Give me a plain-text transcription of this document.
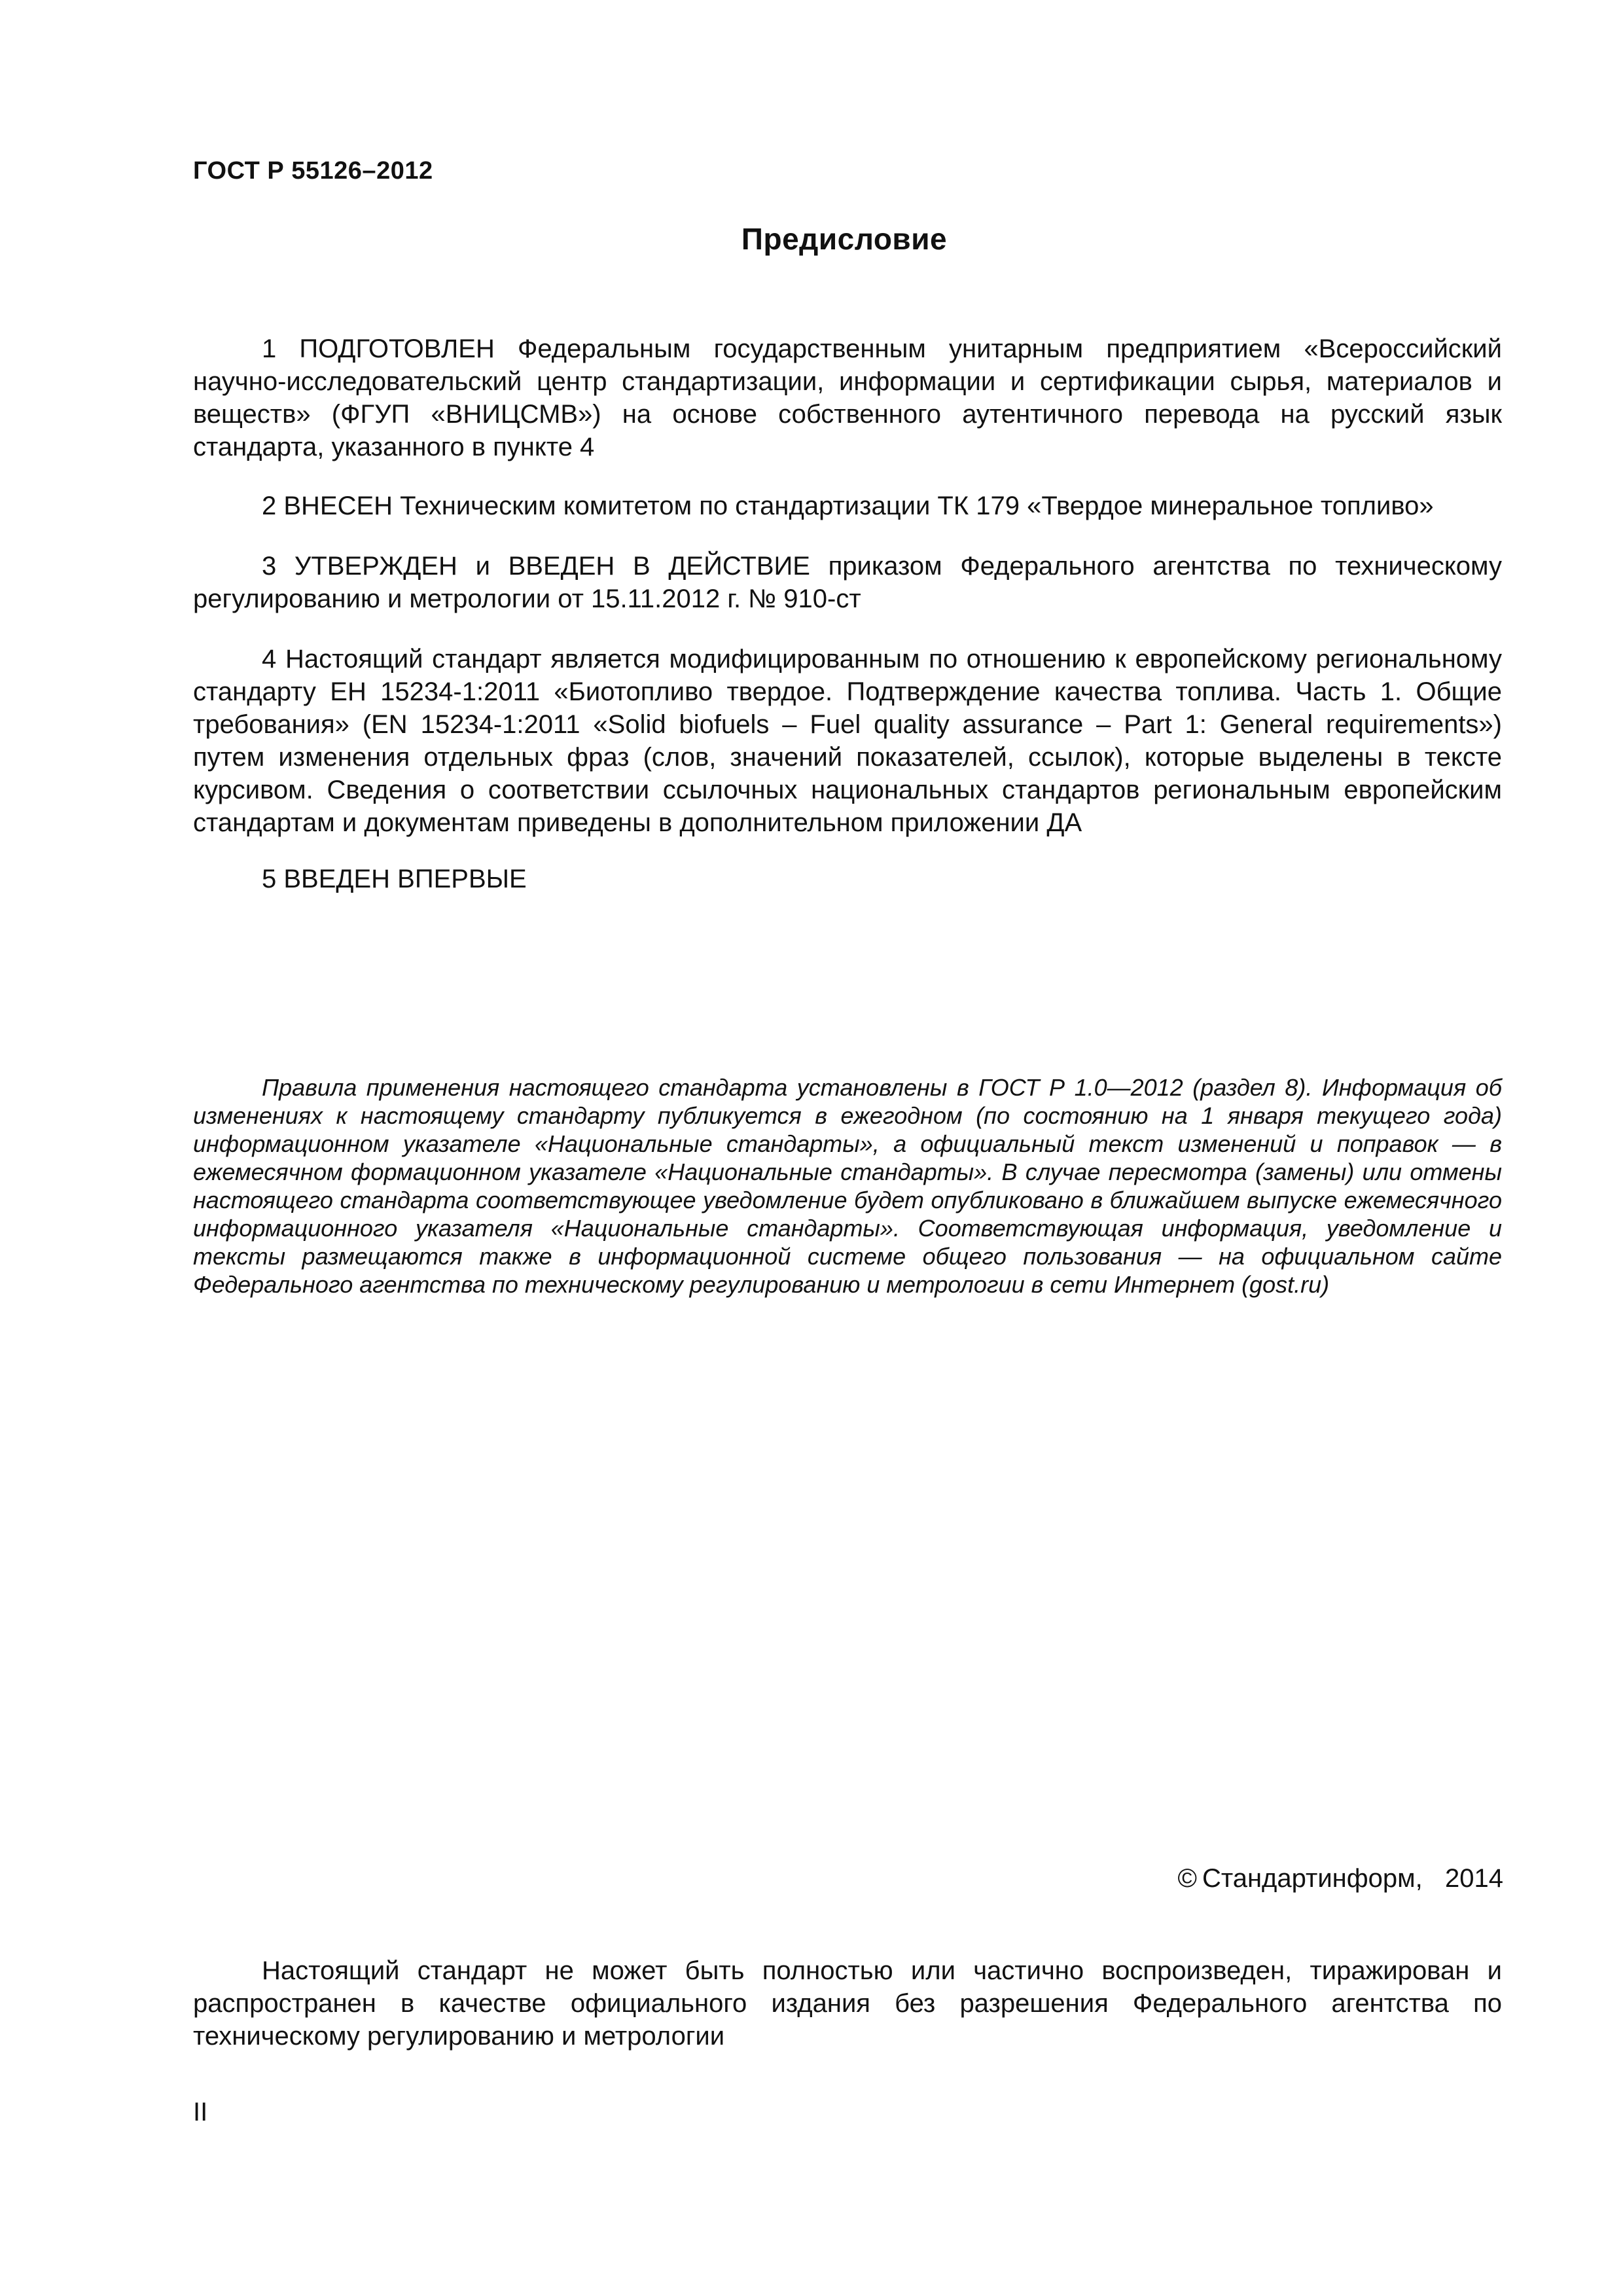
ГОСТ Р 55126–2012
Предисловие
1 ПОДГОТОВЛЕН Федеральным государственным унитарным предприятием «Всероссийский научно-исследовательский центр стандартизации, информации и сертификации сырья, материалов и веществ» (ФГУП «ВНИЦСМВ») на основе собственного аутентичного перевода на русский язык стандарта, указанного в пункте 4
2 ВНЕСЕН Техническим комитетом по стандартизации ТК 179 «Твердое минеральное топливо»
3 УТВЕРЖДЕН и ВВЕДЕН В ДЕЙСТВИЕ приказом Федерального агентства по техническому регулированию и метрологии от 15.11.2012 г. № 910-ст
4 Настоящий стандарт является модифицированным по отношению к европейскому региональному стандарту ЕН 15234-1:2011 «Биотопливо твердое. Подтверждение качества топлива. Часть 1. Общие требования» (EN 15234-1:2011 «Solid biofuels – Fuel quality assurance – Part 1: General requirements») путем изменения отдельных фраз (слов, значений показателей, ссылок), которые выделены в тексте курсивом. Сведения о соответствии ссылочных национальных стандартов региональным европейским стандартам и документам приведены в дополнительном приложении ДА
5 ВВЕДЕН ВПЕРВЫЕ
Правила применения настоящего стандарта установлены в ГОСТ Р 1.0—2012 (раздел 8). Информация об изменениях к настоящему стандарту публикуется в ежегодном (по состоянию на 1 января текущего года) информационном указателе «Национальные стандарты», а официальный текст изменений и поправок — в ежемесячном формационном указателе «Национальные стандарты». В случае пересмотра (замены) или отмены настоящего стандарта соответствующее уведомление будет опубликовано в ближайшем выпуске ежемесячного информационного указателя «Национальные стандарты». Соответствующая информация, уведомление и тексты размещаются также в информационной системе общего пользования — на официальном сайте Федерального агентства по техническому регулированию и метрологии в сети Интернет (gost.ru)
© Стандартинформ, 2014
Настоящий стандарт не может быть полностью или частично воспроизведен, тиражирован и распространен в качестве официального издания без разрешения Федерального агентства по техническому регулированию и метрологии
II
